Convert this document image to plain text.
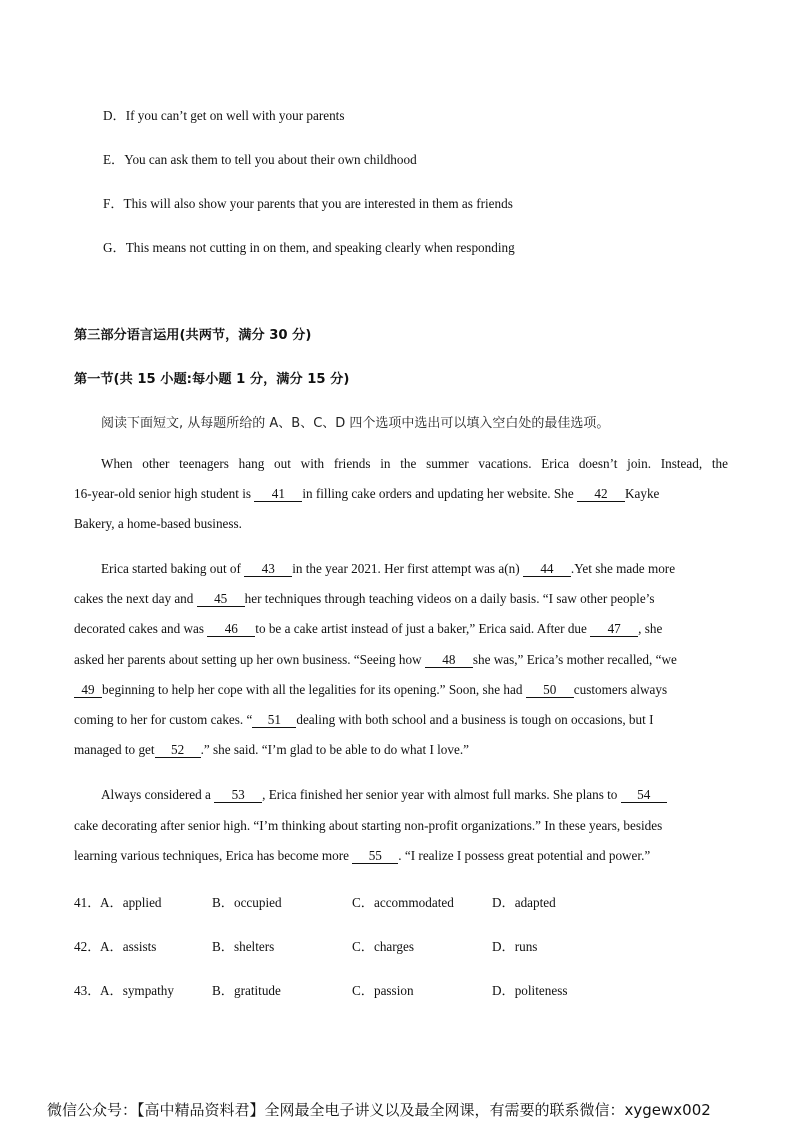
D．If you can’t get on well with your parents
E．You can ask them to tell you about their own childhood
F．This will also show your parents that you are interested in them as friends
G．This means not cutting in on them, and speaking clearly when responding
第三部分语言运用(共两节，满分 30 分)
第一节(共 15 小题:每小题 1 分，满分 15 分)
阅读下面短文, 从每题所给的 A、B、C、D 四个选项中选出可以填入空白处的最佳选项。
When other teenagers hang out with friends in the summer vacations. Erica doesn’t join. Instead, the
16-year-old senior high student is 41 in filling cake orders and updating her website. She 42 Kayke
Bakery, a home-based business.
Erica started baking out of 43 in the year 2021. Her first attempt was a(n) 44 .Yet she made more
cakes the next day and 45 her techniques through teaching videos on a daily basis. “I saw other people’s
decorated cakes and was 46 to be a cake artist instead of just a baker,” Erica said. After due 47 , she
asked her parents about setting up her own business. “Seeing how 48 she was,” Erica’s mother recalled, “we
49 beginning to help her cope with all the legalities for its opening.” Soon, she had 50 customers always
coming to her for custom cakes. “ 51 dealing with both school and a business is tough on occasions, but I
managed to get 52 .” she said. “I’m glad to be able to do what I love.”
Always considered a 53 , Erica finished her senior year with almost full marks. She plans to 54
cake decorating after senior high. “I’m thinking about starting non-profit organizations.” In these years, besides
learning various techniques, Erica has become more 55 . “I realize I possess great potential and power.”
41． A．applied	B．occupied	C．accommodated	D．adapted
42． A．assists	B．shelters	C．charges	D．runs
43． A．sympathy	B．gratitude	C．passion	D．politeness
微信公众号：【高中精品资料君】全网最全电子讲义以及最全网课，有需要的联系微信：xygewx002
